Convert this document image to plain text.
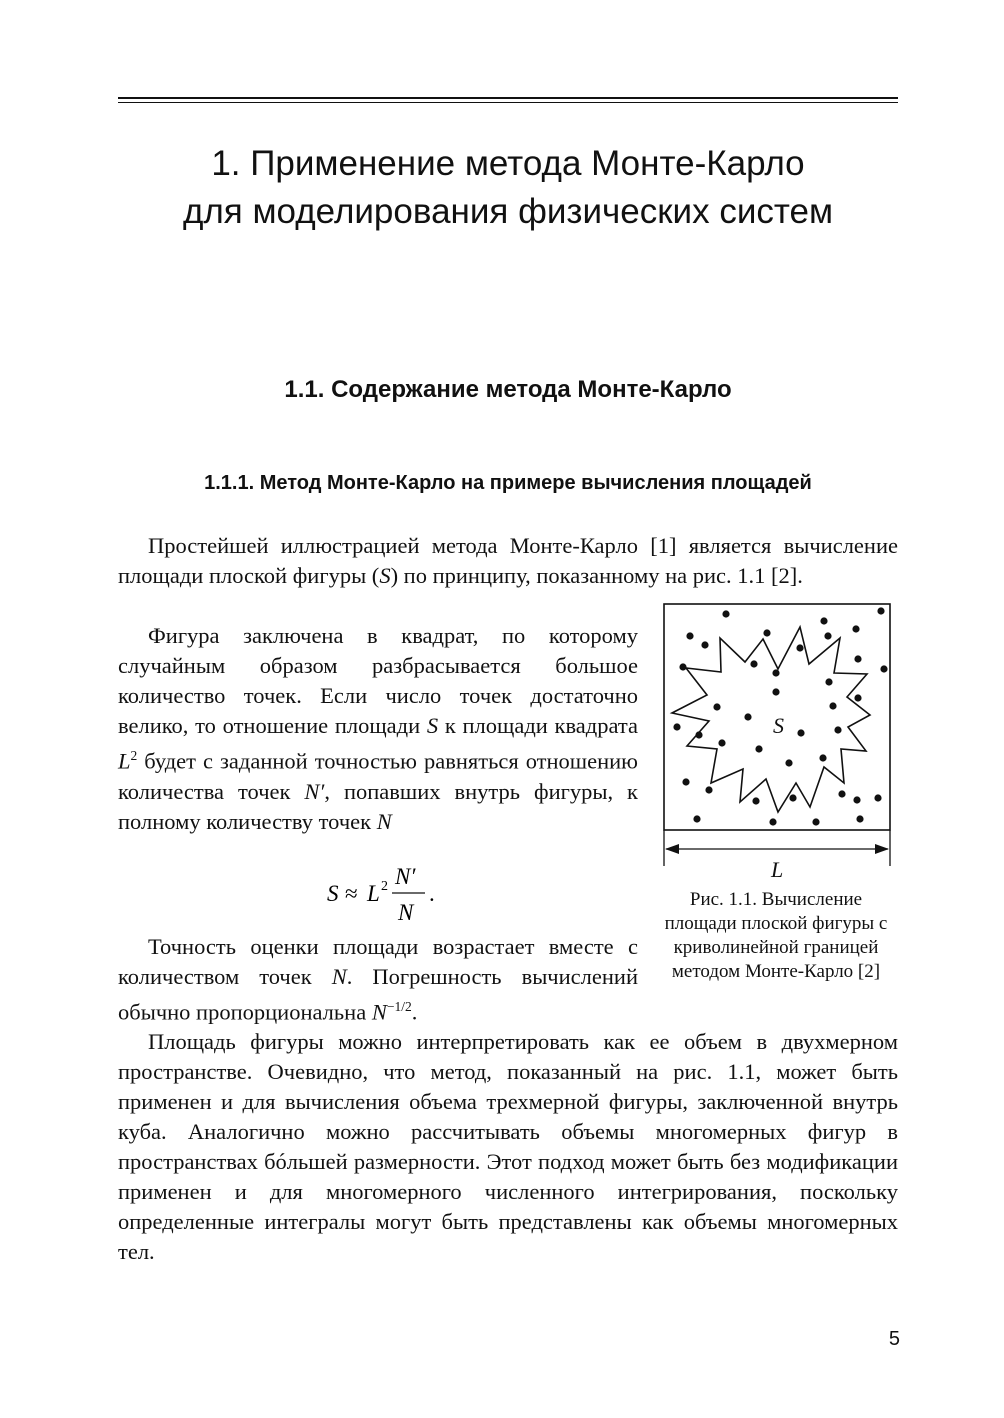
1. Применение метода Монте-Карло
для моделирования физических систем
1.1. Содержание метода Монте-Карло
1.1.1. Метод Монте-Карло на примере вычисления площадей

Простейшей иллюстрацией метода Монте-Карло [1] является вычисление площади плоской фигуры (S) по принципу, показанному на рис. 1.1 [2].

Фигура заключена в квадрат, по которому случайным образом разбрасывается большое количество точек. Если число точек достаточно велико, то отношение площади S к площади квадрата $L^2$ будет с заданной точностью равняться отношению количества точек N′, попавших внутрь фигуры, к полному количеству точек N

S ≈ L 2 N′
N
.

Точность оценки площади возрастает вместе с количеством точек N. Погрешность вычислений обычно пропорциональна $N^{-1/2}$.

S
L

Рис. 1.1. Вычисление площади плоской фигуры с криволинейной границей методом Монте-Карло [2]

Площадь фигуры можно интерпретировать как ее объем в двухмерном пространстве. Очевидно, что метод, показанный на рис. 1.1, может быть применен и для вычисления объема трехмерной фигуры, заключенной внутрь куба. Аналогично можно рассчитывать объемы многомерных фигур в пространствах бóльшей размерности. Этот подход может быть без модификации применен и для многомерного численного интегрирования, поскольку определенные интегралы могут быть представлены как объемы многомерных тел.

5
